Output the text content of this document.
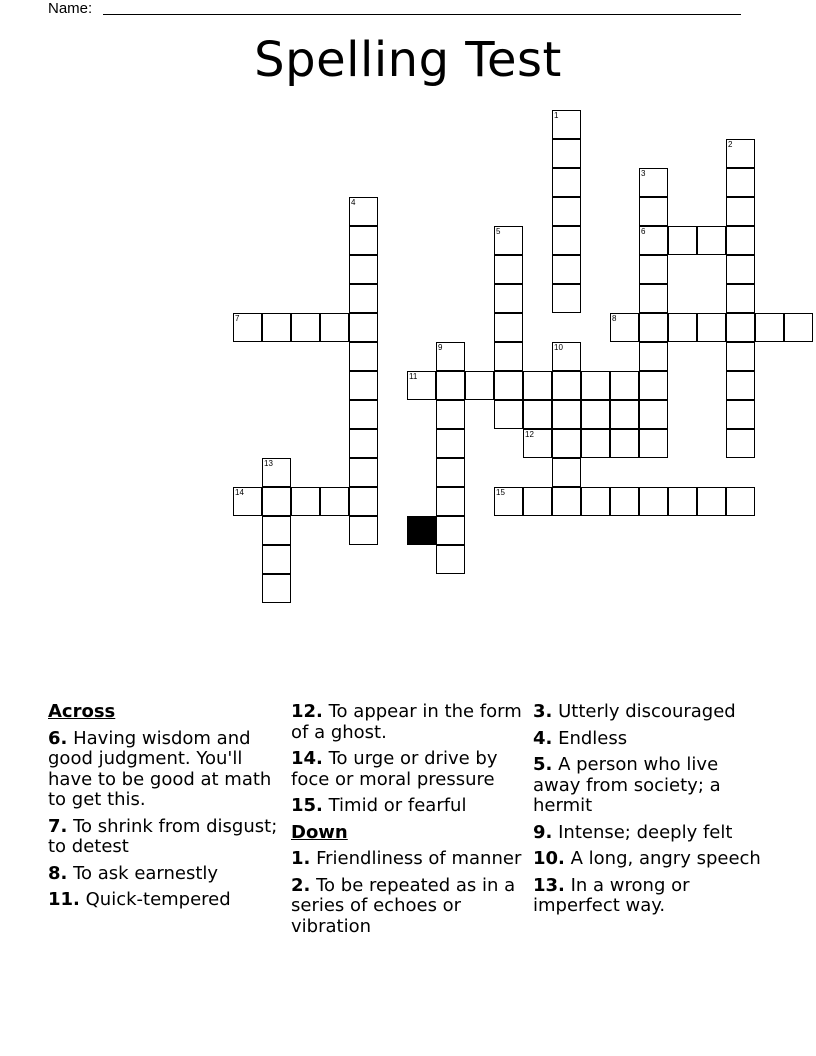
Name:
Spelling Test
1
2
3
6
4
5
7	8
9	10
11
12
13
14	15
Across
6. Having wisdom and good judgment. You'll have to be good at math to get this.
7. To shrink from disgust; to detest
8. To ask earnestly
11. Quick-tempered
12. To appear in the form of a ghost.
14. To urge or drive by foce or moral pressure
15. Timid or fearful
Down
1. Friendliness of manner
2. To be repeated as in a series of echoes or vibration
3. Utterly discouraged
4. Endless
5. A person who live away from society; a hermit
9. Intense; deeply felt
10. A long, angry speech
13. In a wrong or imperfect way.
